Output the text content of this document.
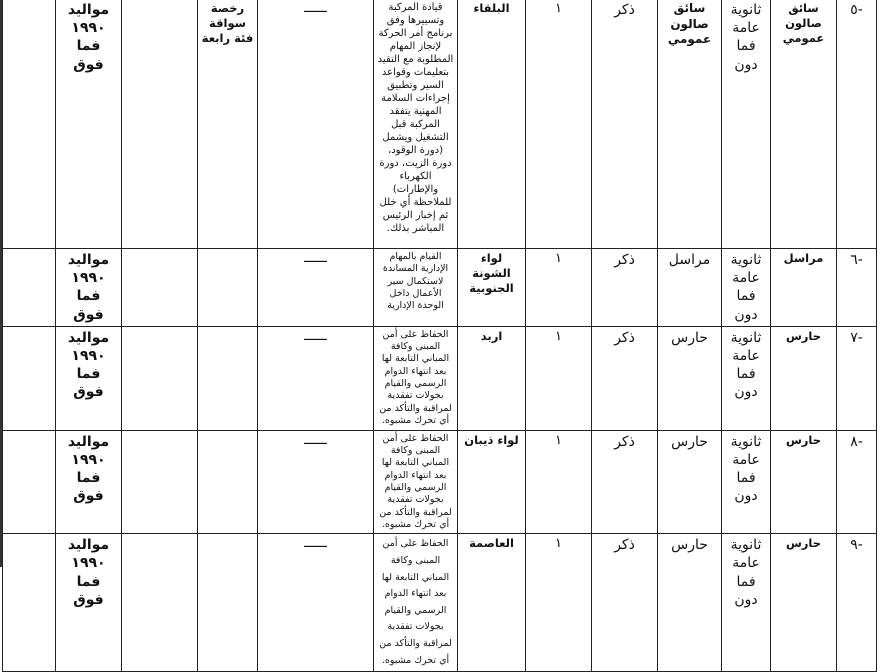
-٥	سائق صالون عمومي	ثانوية عامة فما دون	سائق صالون عمومي	ذكر	١	البلقاء	قيادة المركبة وتسييرها وفق برنامج أمر الحركة لإنجاز المهام المطلوبة مع التقيد بتعليمات وقواعد السير وتطبيق إجراءات السلامة المهنية يتفقد المركبة قبل التشغيل ويشمل (دورة الوقود، دورة الزيت، دورة الكهرباء والإطارات) للملاحظة أي خلل ثم إخبار الرئيس المباشر بذلك.	ــــــ	رخصة سواقة فئة رابعة		مواليد ١٩٩٠ فما فوق	
-٦	مراسل	ثانوية عامة فما دون	مراسل	ذكر	١	لواء الشونة الجنوبية	القيام بالمهام الإدارية المساندة لاستكمال سير الأعمال داخل الوحدة الإدارية	ــــــ			مواليد ١٩٩٠ فما فوق	
-٧	حارس	ثانوية عامة فما دون	حارس	ذكر	١	اربد	الحفاظ على أمن المبنى وكافة المباني التابعة لها بعد انتهاء الدوام الرسمي والقيام بجولات تفقدية لمراقبة والتأكد من أي تحرك مشبوه.	ــــــ			مواليد ١٩٩٠ فما فوق	
-٨	حارس	ثانوية عامة فما دون	حارس	ذكر	١	لواء ذيبان	الحفاظ على أمن المبنى وكافة المباني التابعة لها بعد انتهاء الدوام الرسمي والقيام بجولات تفقدية لمراقبة والتأكد من أي تحرك مشبوه.	ــــــ			مواليد ١٩٩٠ فما فوق	
-٩	حارس	ثانوية عامة فما دون	حارس	ذكر	١	العاصمة	الحفاظ على أمن المبنى وكافة المباني التابعة لها بعد انتهاء الدوام الرسمي والقيام بجولات تفقدية لمراقبة والتأكد من أي تحرك مشبوه.	ــــــ			مواليد ١٩٩٠ فما فوق	
